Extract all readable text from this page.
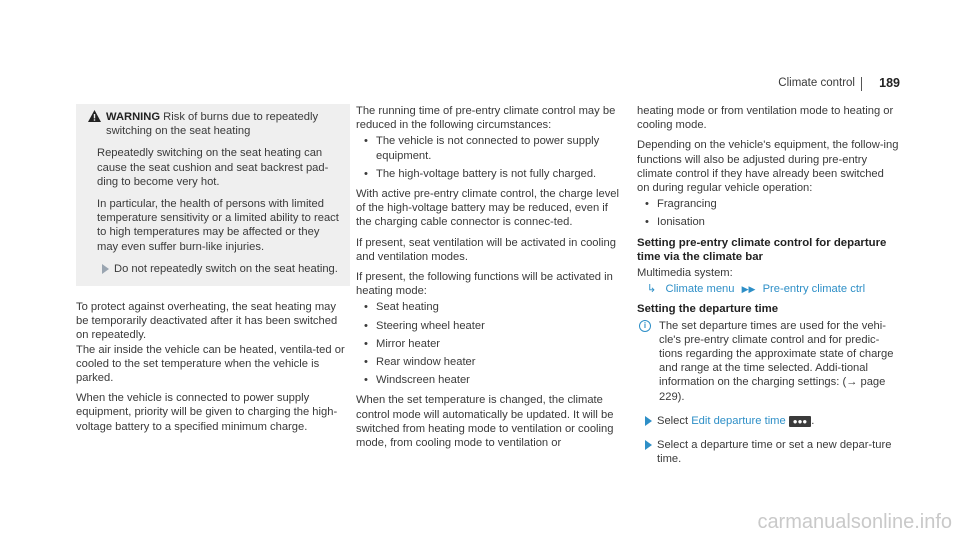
Climate control 189
WARNING Risk of burns due to repeatedly switching on the seat heating

Repeatedly switching on the seat heating can cause the seat cushion and seat backrest pad-ding to become very hot.

In particular, the health of persons with limited temperature sensitivity or a limited ability to react to high temperatures may be affected or they may even suffer burn-like injuries.

Do not repeatedly switch on the seat heating.

To protect against overheating, the seat heating may be temporarily deactivated after it has been switched on repeatedly.

The air inside the vehicle can be heated, ventila-ted or cooled to the set temperature when the vehicle is parked.

When the vehicle is connected to power supply equipment, priority will be given to charging the high-voltage battery to a specified minimum charge.

The running time of pre-entry climate control may be reduced in the following circumstances:

• The vehicle is not connected to power supply equipment.
• The high-voltage battery is not fully charged.

With active pre-entry climate control, the charge level of the high-voltage battery may be reduced, even if the charging cable connector is connec-ted.

If present, seat ventilation will be activated in cooling and ventilation modes.

If present, the following functions will be activated in heating mode:

• Seat heating
• Steering wheel heater
• Mirror heater
• Rear window heater
• Windscreen heater

When the set temperature is changed, the climate control mode will automatically be updated. It will be switched from heating mode to ventilation or cooling mode, from cooling mode to ventilation or

heating mode or from ventilation mode to heating or cooling mode.

Depending on the vehicle's equipment, the follow-ing functions will also be adjusted during pre-entry climate control if they have already been switched on during regular vehicle operation:

• Fragrancing
• Ionisation
Setting pre-entry climate control for departure time via the climate bar
Multimedia system:
↳ Climate menu ▶▶ Pre-entry climate ctrl
Setting the departure time
i	The set departure times are used for the vehi-cle's pre-entry climate control and for predic-tions regarding the approximate state of charge and range at the time selected. Addi-tional information on the charging settings: (→ page 229).
Select Edit departure time ●●● .
Select a departure time or set a new depar-ture time.
carmanualsonline.info
